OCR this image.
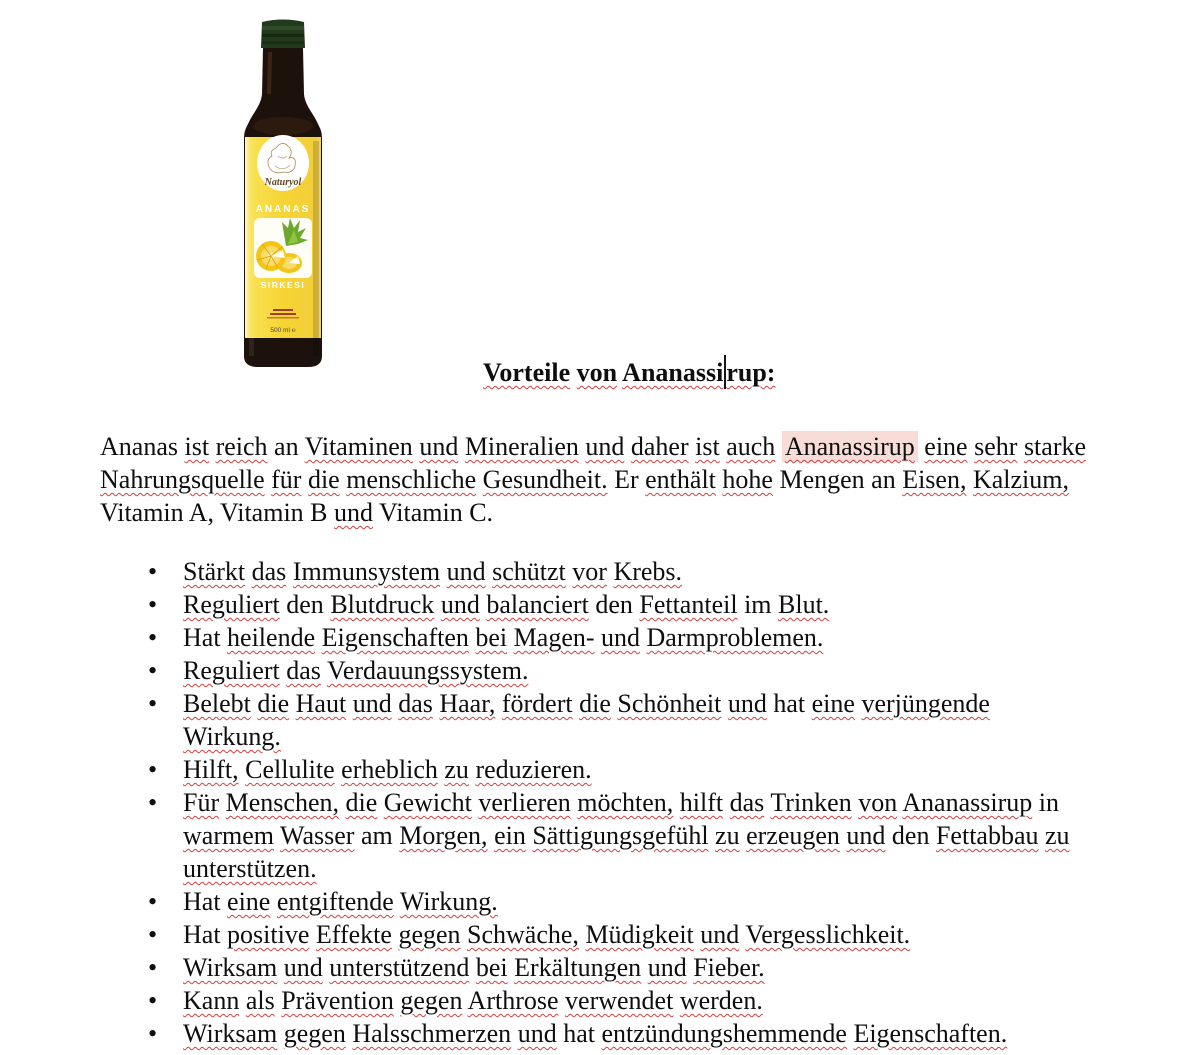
Naturyol
ANANAS
SIRKESI
500 ml ℮
Vorteile von Ananassi rup:

Ananas ist reich an Vitaminen und Mineralien und daher ist auch Ananassirup eine sehr starke
Nahrungsquelle für die menschliche Gesundheit. Er enthält hohe Mengen an Eisen, Kalzium,
Vitamin A, Vitamin B und Vitamin C.

• Stärkt das Immunsystem und schützt vor Krebs.
• Reguliert den Blutdruck und balanciert den Fettanteil im Blut.
• Hat heilende Eigenschaften bei Magen- und Darmproblemen.
• Reguliert das Verdauungssystem.
• Belebt die Haut und das Haar, fördert die Schönheit und hat eine verjüngende
Wirkung.
• Hilft, Cellulite erheblich zu reduzieren.
• Für Menschen, die Gewicht verlieren möchten, hilft das Trinken von Ananassirup in
warmem Wasser am Morgen, ein Sättigungsgefühl zu erzeugen und den Fettabbau zu
unterstützen.
• Hat eine entgiftende Wirkung.
• Hat positive Effekte gegen Schwäche, Müdigkeit und Vergesslichkeit.
• Wirksam und unterstützend bei Erkältungen und Fieber.
• Kann als Prävention gegen Arthrose verwendet werden.
• Wirksam gegen Halsschmerzen und hat entzündungshemmende Eigenschaften.
